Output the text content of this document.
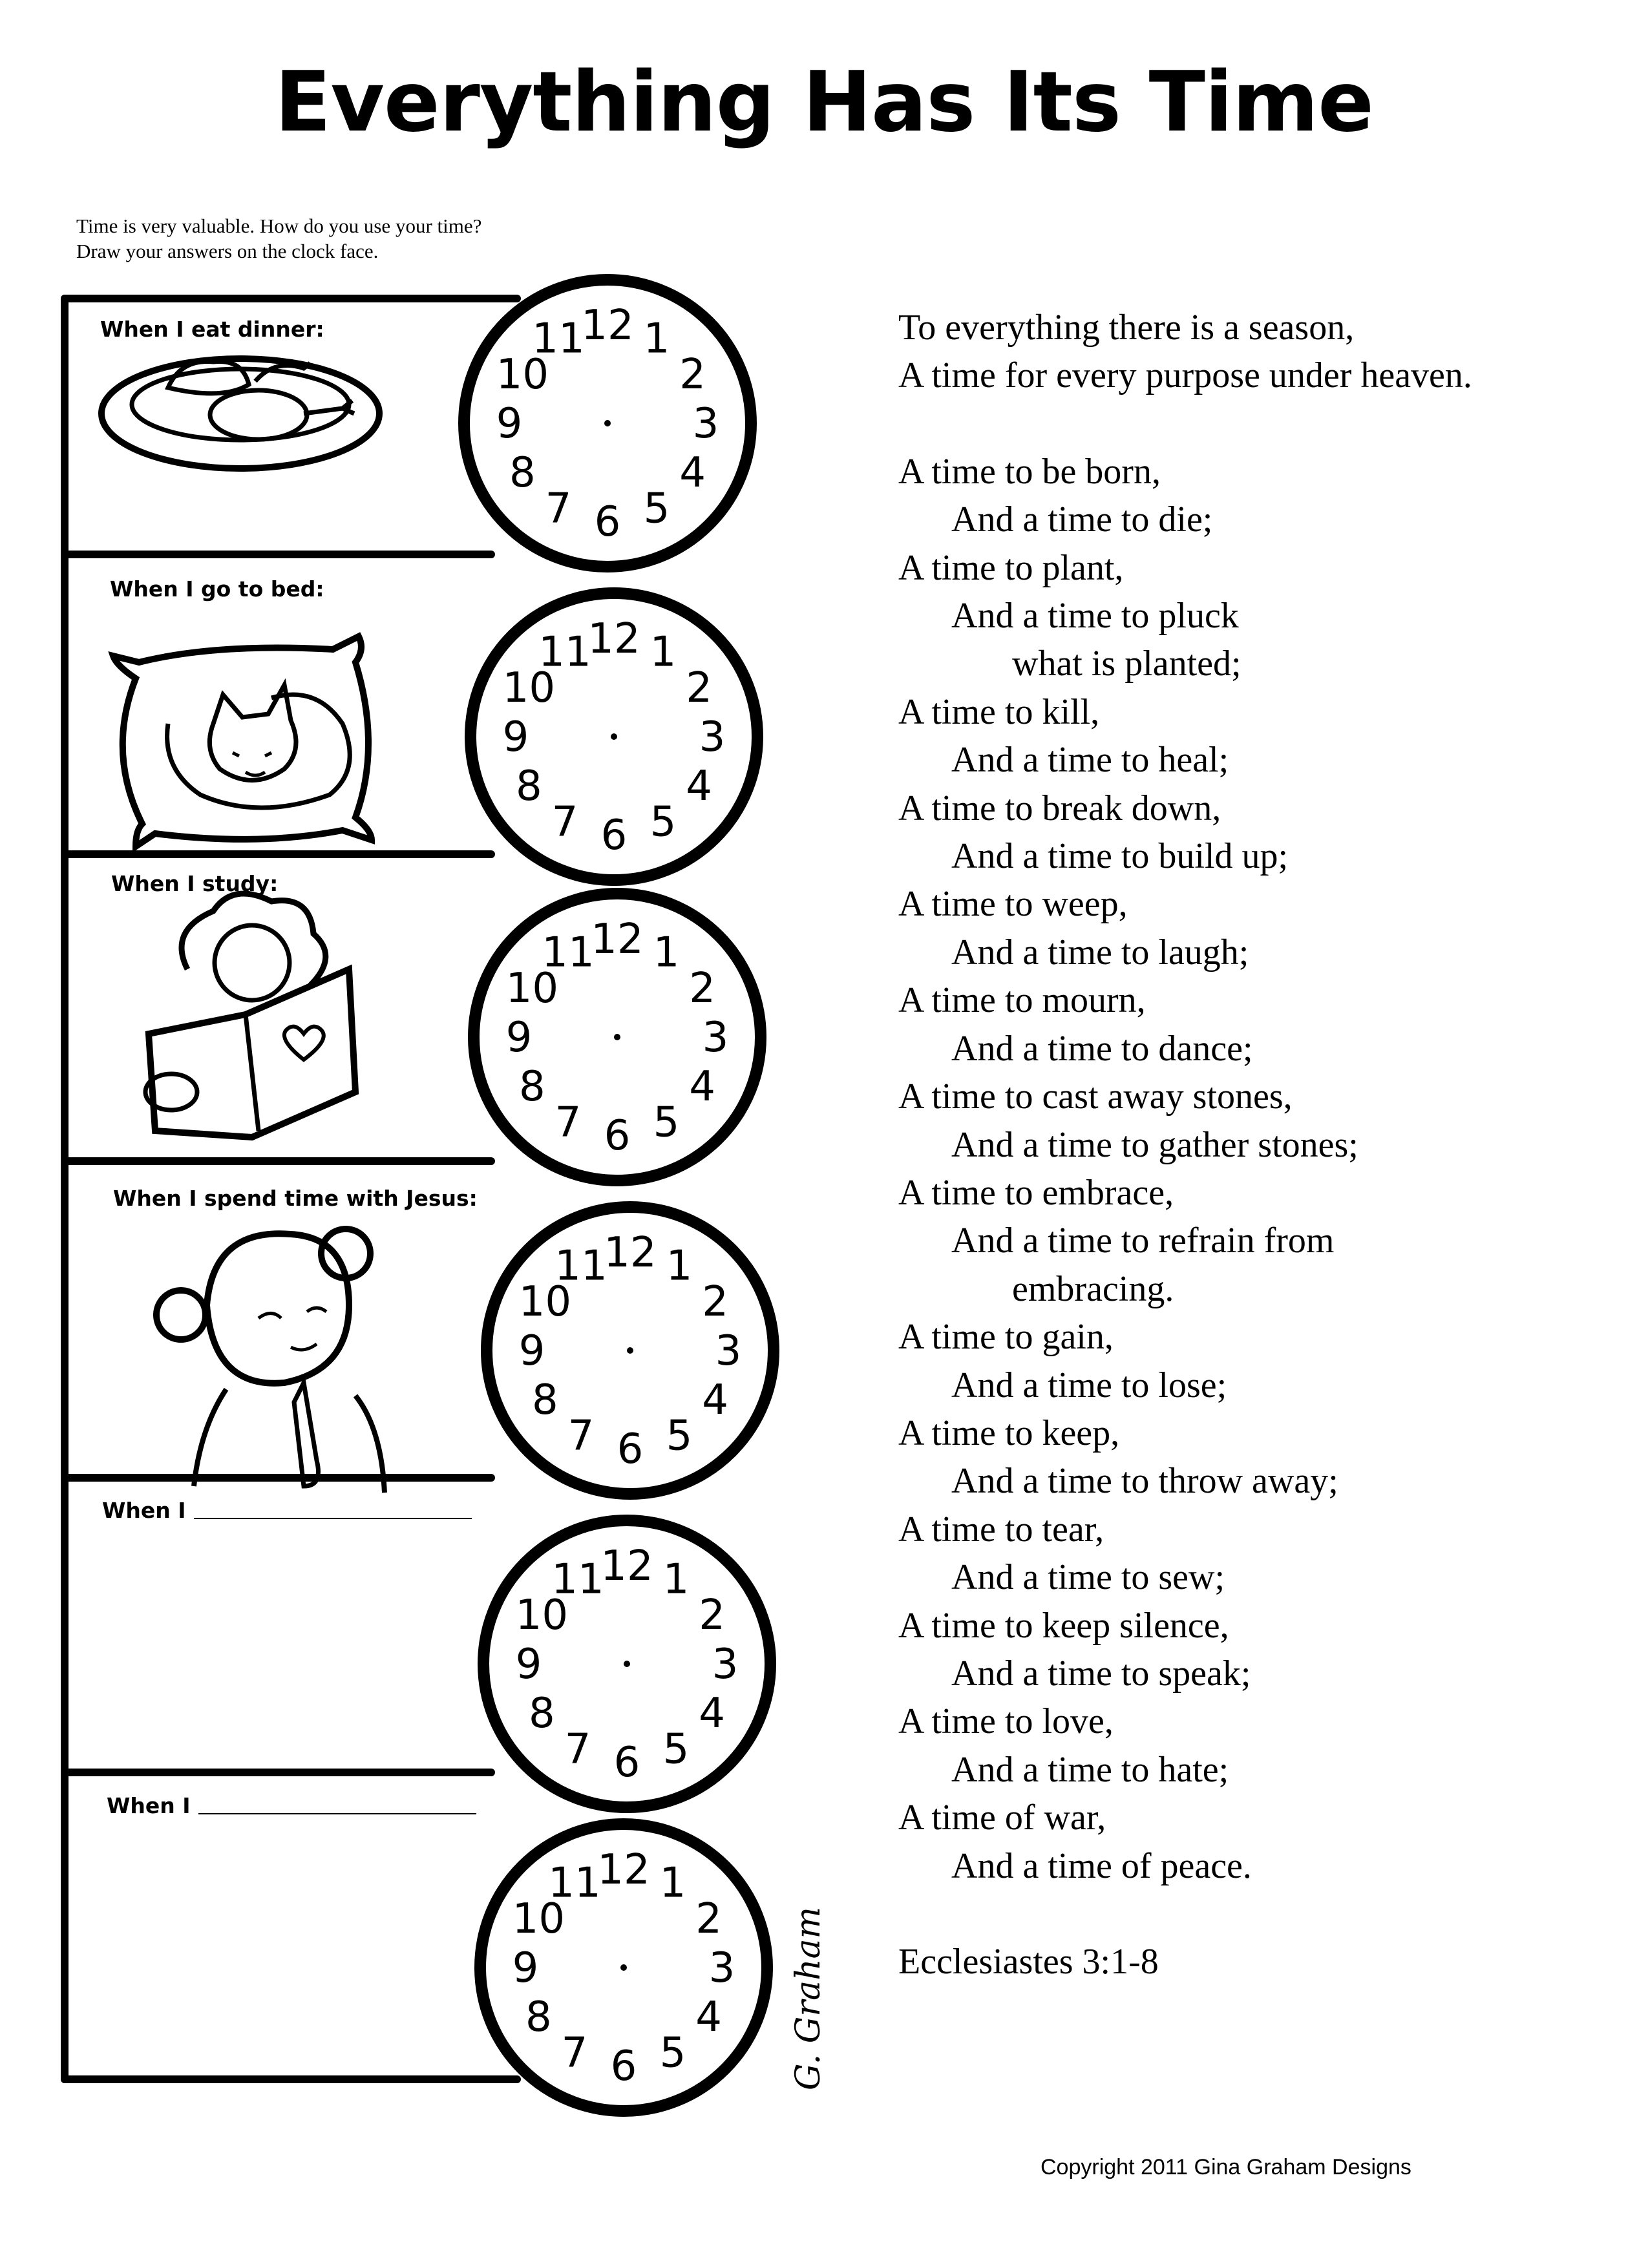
Everything Has Its Time
Time is very valuable. How do you use your time?
Draw your answers on the clock face.
12 1
2
3
4
5
6
7
8
9
10
11
12 1
2
3
4
5
6
7
8
9
10
11
12 1
2
3
4
5
6
7
8
9
10
11
12 1
2
3
4
5
6
7
8
9
10
11
12 1
2
3
4
5
6
7
8
9
10
11
12 1
2
3
4
5
6
7
8
9
10
11
G. Graham
When I eat dinner:
When I go to bed:
When I study:
When I spend time with Jesus:
When I
When I
To everything there is a season,
A time for every purpose under heaven.
A time to be born,
And a time to die;
A time to plant,
And a time to pluck
what is planted;
A time to kill,
And a time to heal;
A time to break down,
And a time to build up;
A time to weep,
And a time to laugh;
A time to mourn,
And a time to dance;
A time to cast away stones,
And a time to gather stones;
A time to embrace,
And a time to refrain from
embracing.
A time to gain,
And a time to lose;
A time to keep,
And a time to throw away;
A time to tear,
And a time to sew;
A time to keep silence,
And a time to speak;
A time to love,
And a time to hate;
A time of war,
And a time of peace.
Ecclesiastes 3:1-8
Copyright 2011 Gina Graham Designs
